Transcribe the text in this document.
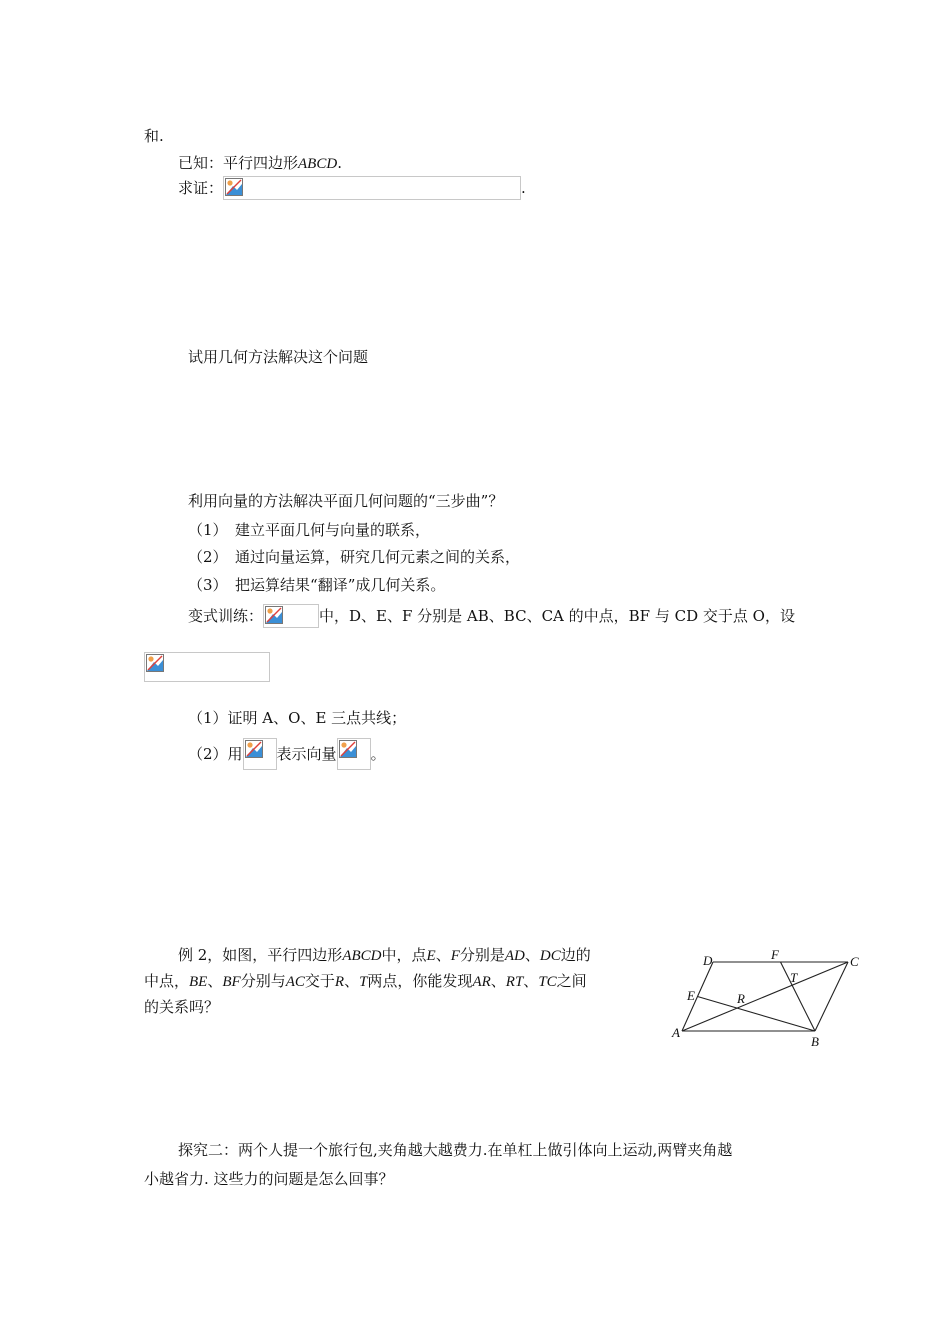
和.
已知：平行四边形ABCD.
求证：	.
试用几何方法解决这个问题
利用向量的方法解决平面几何问题的“三步曲”？
（1）　建立平面几何与向量的联系，
（2）　通过向量运算，研究几何元素之间的关系，
（3）　把运算结果“翻译”成几何关系。
变式训练：	中，D、E、F 分别是 AB、BC、CA 的中点，BF 与 CD 交于点 O，设
（1）证明 A、O、E 三点共线；
（2）用 表示向量 。
例 2，如图，平行四边形ABCD中，点E、F分别是AD、DC边的
中点，BE、BF分别与AC交于R、T两点，你能发现AR、RT、TC之间
的关系吗？
D	F	C
T
E	R
A
B
探究二：两个人提一个旅行包,夹角越大越费力.在单杠上做引体向上运动,两臂夹角越
小越省力. 这些力的问题是怎么回事？
